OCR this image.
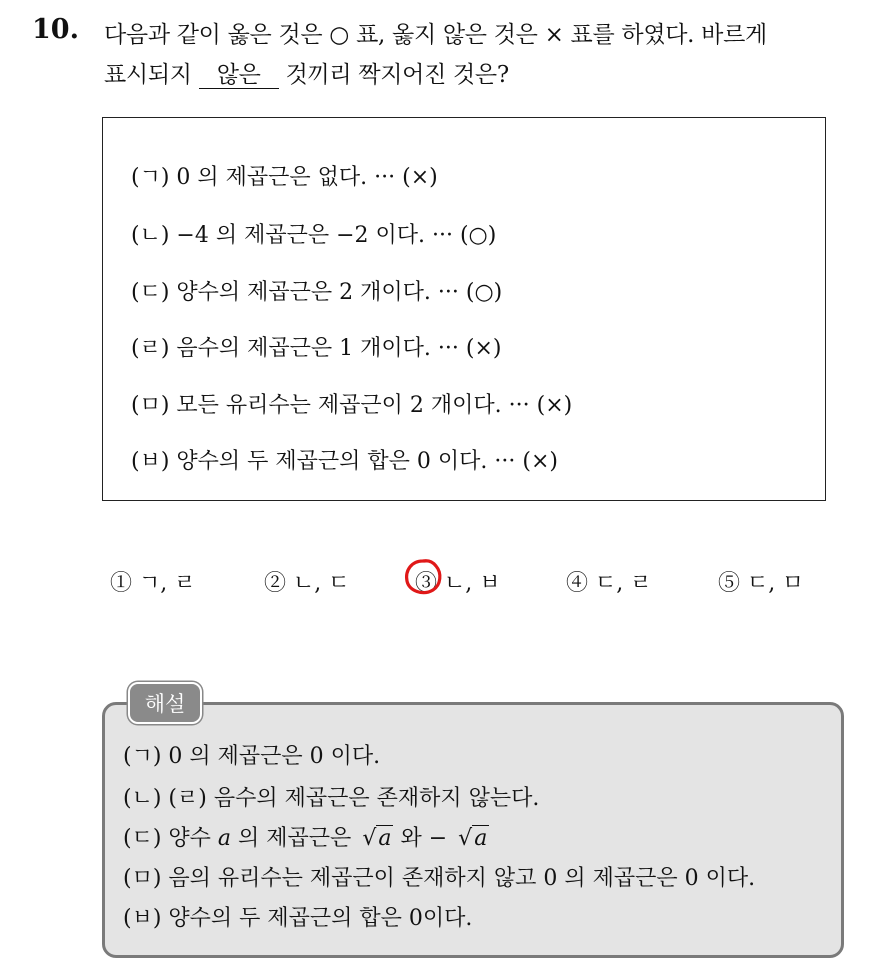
10. 다음과 같이 옳은 것은 ○ 표, 옳지 않은 것은 × 표를 하였다. 바르게
표시되지 않은 것끼리 짝지어진 것은?
(ㄱ) 0 의 제곱근은 없다. ··· (×)
(ㄴ) −4 의 제곱근은 −2 이다. ··· (○)
(ㄷ) 양수의 제곱근은 2 개이다. ··· (○)
(ㄹ) 음수의 제곱근은 1 개이다. ··· (×)
(ㅁ) 모든 유리수는 제곱근이 2 개이다. ··· (×)
(ㅂ) 양수의 두 제곱근의 합은 0 이다. ··· (×)
① ㄱ, ㄹ	② ㄴ, ㄷ	③ ㄴ, ㅂ	④ ㄷ, ㄹ	⑤ ㄷ, ㅁ
해설
(ㄱ) 0 의 제곱근은 0 이다.
(ㄴ) (ㄹ) 음수의 제곱근은 존재하지 않는다.
(ㄷ) 양수 a 의 제곱근은 √a 와 − √a
(ㅁ) 음의 유리수는 제곱근이 존재하지 않고 0 의 제곱근은 0 이다.
(ㅂ) 양수의 두 제곱근의 합은 0이다.
